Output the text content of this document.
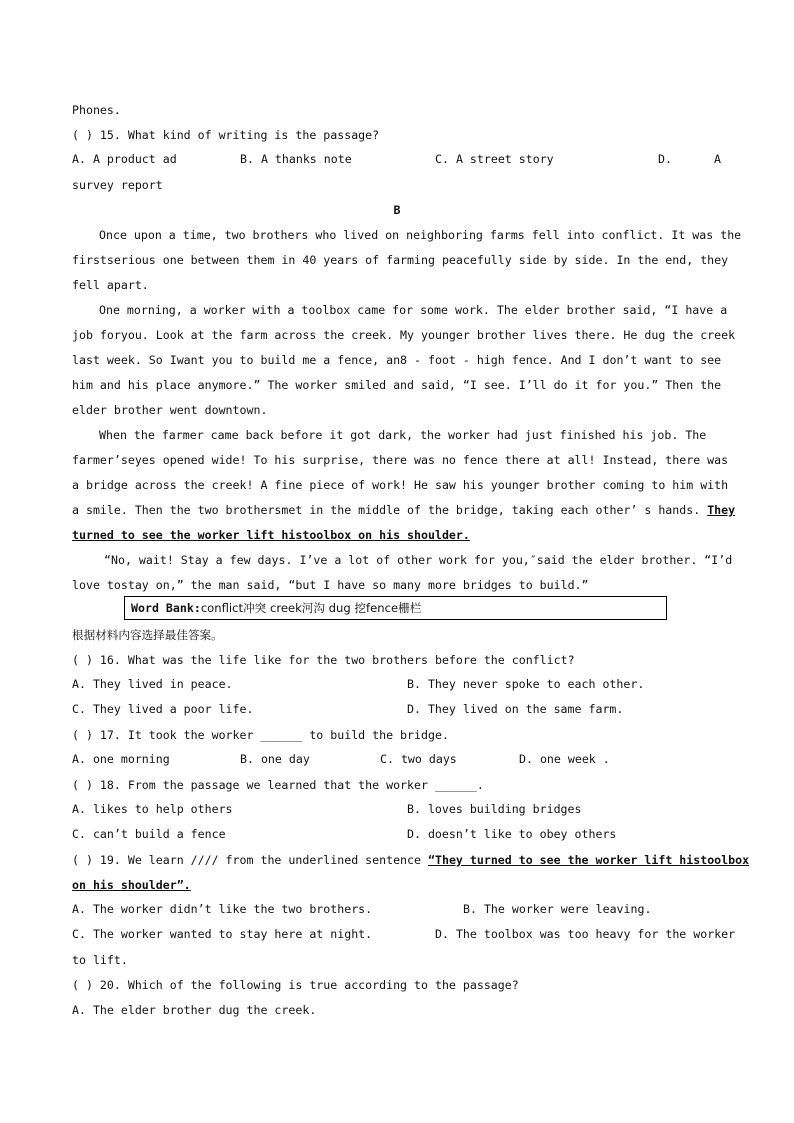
Phones.
( ) 15. What kind of writing is the passage?
A. A product ad	B. A thanks note	C. A street story	D.	A
survey report
B
Once upon a time, two brothers who lived on neighboring farms fell into conflict. It was the
firstserious one between them in 40 years of farming peacefully side by side. In the end, they
fell apart.
One morning, a worker with a toolbox came for some work. The elder brother said, “I have a
job foryou. Look at the farm across the creek. My younger brother lives there. He dug the creek
last week. So Iwant you to build me a fence, an8 - foot - high fence. And I don’t want to see
him and his place anymore.” The worker smiled and said, “I see. I’ll do it for you.” Then the
elder brother went downtown.
When the farmer came back before it got dark, the worker had just finished his job. The
farmer’seyes opened wide! To his surprise, there was no fence there at all! Instead, there was
a bridge across the creek! A fine piece of work! He saw his younger brother coming to him with
a smile. Then the two brothersmet in the middle of the bridge, taking each other’ s hands. They
turned to see the worker lift histoolbox on his shoulder.
“No, wait! Stay a few days. I’ve a lot of other work for you,″said the elder brother. “I’d
love tostay on,” the man said, “but I have so many more bridges to build.”
Word Bank:conflict冲突 creek河沟 dug 挖fence栅栏
根据材料内容选择最佳答案。
( ) 16. What was the life like for the two brothers before the conflict?
A. They lived in peace.	B. They never spoke to each other.
C. They lived a poor life.	D. They lived on the same farm.
( ) 17. It took the worker ______ to build the bridge.
A. one morning	B. one day	C. two days	D. one week .
( ) 18. From the passage we learned that the worker ______.
A. likes to help others	B. loves building bridges
C. can’t build a fence	D. doesn’t like to obey others
( ) 19. We learn //// from the underlined sentence “They turned to see the worker lift histoolbox
on his shoulder”.
A. The worker didn’t like the two brothers.	B. The worker were leaving.
C. The worker wanted to stay here at night.	D. The toolbox was too heavy for the worker
to lift.
( ) 20. Which of the following is true according to the passage?
A. The elder brother dug the creek.
